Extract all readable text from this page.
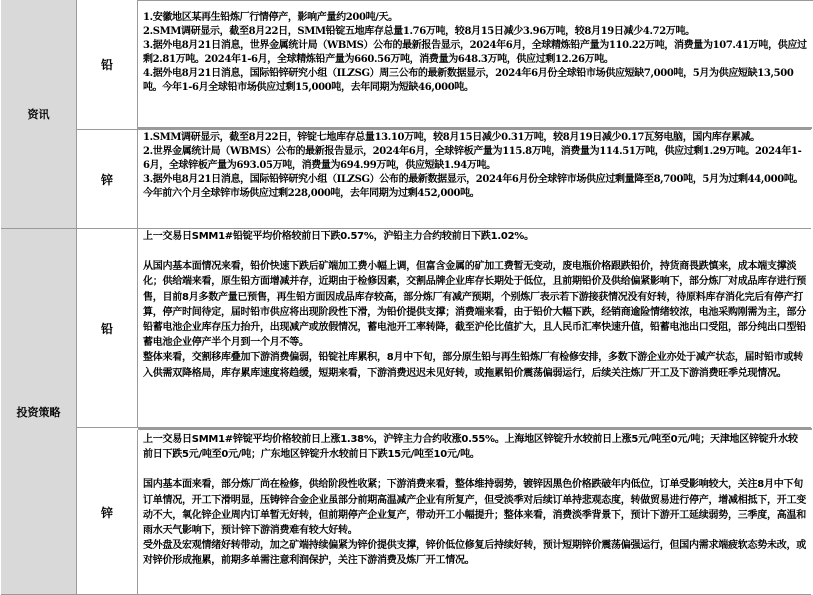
资讯
铅

1.安徽地区某再生铅炼厂行情停产，影响产量约200吨/天。

2.SMM调研显示，截至8月22日，SMM铅锭五地库存总量1.76万吨，较8月15日减少3.96万吨，较8月19日减少4.72万吨。

3.据外电8月21日消息，世界金属统计局（WBMS）公布的最新报告显示，2024年6月，全球精炼铅产量为110.22万吨，消费量为107.41万吨，供应过剩2.81万吨。2024年1-6月，全球精炼铅产量为660.56万吨，消费量为648.3万吨，供应过剩12.26万吨。

4.据外电8月21日消息，国际铅锌研究小组（ILZSG）周三公布的最新数据显示，2024年6月份全球铅市场供应短缺7,000吨，5月为供应短缺13,500吨。今年1-6月全球铅市场供应过剩15,000吨，去年同期为短缺46,000吨。

锌

1.SMM调研显示，截至8月22日，锌锭七地库存总量13.10万吨，较8月15日减少0.31万吨，较8月19日减少0.17瓦努电脑，国内库存累减。

2.世界金属统计局（WBMS）公布的最新报告显示，2024年6月，全球锌板产量为115.8万吨，消费量为114.51万吨，供应过剩1.29万吨。2024年1-6月，全球锌板产量为693.05万吨，消费量为694.99万吨，供应短缺1.94万吨。

3.据外电8月21日消息，国际铅锌研究小组（ILZSG）公布的最新数据显示，2024年6月份全球锌市场供应过剩量降至8,700吨，5月为过剩44,000吨。今年前六个月全球锌市场供应过剩228,000吨，去年同期为过剩452,000吨。

投资策略
铅

上一交易日SMM1#铅锭平均价格较前日下跌0.57%，沪铅主力合约较前日下跌1.02%。

从国内基本面情况来看，铅价快速下跌后矿端加工费小幅上调，但富含金属的矿加工费暂无变动，废电瓶价格跟跌铅价，持货商畏跌慎来，成本端支撑淡化；供给端来看，原生铅方面增减并存，近期由于检修因素，交割品牌企业库存长期处于低位，且前期铅价及供给偏紧影响下，部分炼厂对成品库存进行预售，目前8月多数产量已预售，再生铅方面因成品库存较高，部分炼厂有减产预期，个别炼厂表示若下游接获情况没有好转，待原料库存消化完后有停产打算，停产时间待定，届时铅市供应将出现阶段性下滑，为铅价提供支撑；消费端来看，由于铅价大幅下跌，经销商逾险情绪较浓，电池采购刚需为主，部分铅蓄电池企业库存压力抬升，出现减产或放假情况，蓄电池开工率转降，截至沪伦比值扩大，且人民币汇率快速升值，铅蓄电池出口受阻，部分纯出口型铅蓄电池企业停产半个月到一个月不等。

整体来看，交割移库叠加下游消费偏弱，铅锭社库累积，8月中下旬，部分原生铅与再生铅炼厂有检修安排，多数下游企业亦处于减产状态，届时铅市或转入供需双降格局，库存累库速度将趋缓，短期来看，下游消费迟迟未见好转，或拖累铅价震荡偏弱运行，后续关注炼厂开工及下游消费旺季兑现情况。

锌

上一交易日SMM1#锌锭平均价格较前日上涨1.38%，沪锌主力合约收涨0.55%。上海地区锌锭升水较前日上涨5元/吨至0元/吨；天津地区锌锭升水较前日下跌5元/吨至0元/吨；广东地区锌锭升水较前日下跌15元/吨至10元/吨。

国内基本面来看，部分炼厂尚在检修，供给阶段性收紧；下游消费来看，整体维持弱势，镀锌因黑色价格跌破年内低位，订单受影响较大，关注8月中下旬订单情况，开工下滑明显，压铸锌合金企业虽部分前期高温减产企业有所复产，但受淡季对后续订单持悲观态度，转做贸易进行停产，增减相抵下，开工变动不大，氧化锌企业周内订单暂无好转，但前期停产企业复产，带动开工小幅提升；整体来看，消费淡季背景下，预计下游开工延续弱势，三季度，高温和雨水天气影响下，预计锌下游消费难有较大好转。

受外盘及宏观情绪好转带动，加之矿端持续偏紧为锌价提供支撑，锌价低位修复后持续好转，预计短期锌价震荡偏强运行，但国内需求端疲软态势未改，或对锌价形成拖累，前期多单需注意利润保护，关注下游消费及炼厂开工情况。
